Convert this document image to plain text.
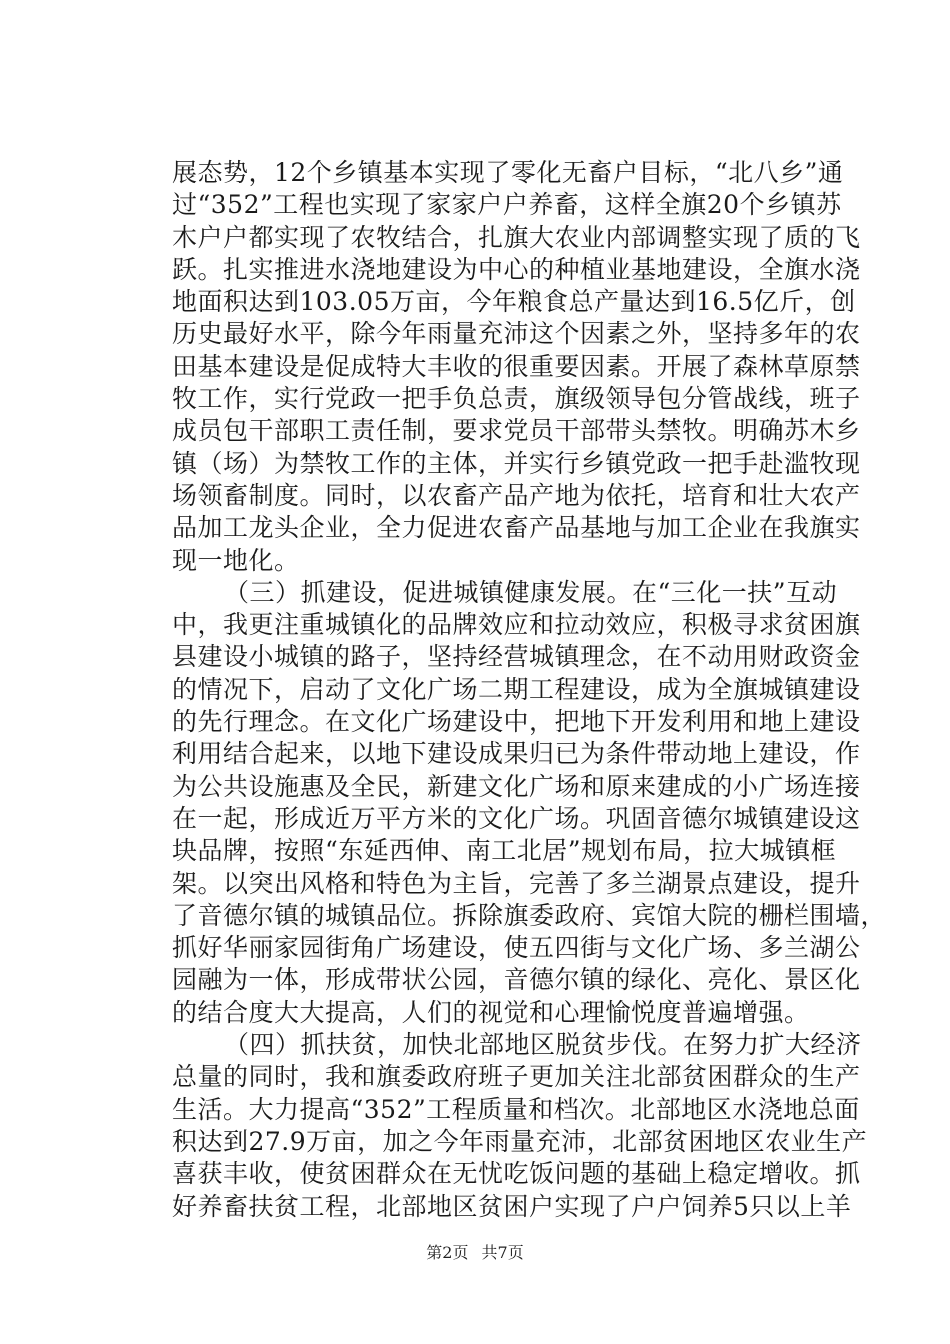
展态势，12个乡镇基本实现了零化无畜户目标，“北八乡”通
过“352”工程也实现了家家户户养畜，这样全旗20个乡镇苏
木户户都实现了农牧结合，扎旗大农业内部调整实现了质的飞
跃。扎实推进水浇地建设为中心的种植业基地建设，全旗水浇
地面积达到103.05万亩，今年粮食总产量达到16.5亿斤，创
历史最好水平，除今年雨量充沛这个因素之外，坚持多年的农
田基本建设是促成特大丰收的很重要因素。开展了森林草原禁
牧工作，实行党政一把手负总责，旗级领导包分管战线，班子
成员包干部职工责任制，要求党员干部带头禁牧。明确苏木乡
镇（场）为禁牧工作的主体，并实行乡镇党政一把手赴滥牧现
场领畜制度。同时，以农畜产品产地为依托，培育和壮大农产
品加工龙头企业，全力促进农畜产品基地与加工企业在我旗实
现一地化。
（三）抓建设，促进城镇健康发展。在“三化一扶”互动
中，我更注重城镇化的品牌效应和拉动效应，积极寻求贫困旗
县建设小城镇的路子，坚持经营城镇理念，在不动用财政资金
的情况下，启动了文化广场二期工程建设，成为全旗城镇建设
的先行理念。在文化广场建设中，把地下开发利用和地上建设
利用结合起来，以地下建设成果归已为条件带动地上建设，作
为公共设施惠及全民，新建文化广场和原来建成的小广场连接
在一起，形成近万平方米的文化广场。巩固音德尔城镇建设这
块品牌，按照“东延西伸、南工北居”规划布局，拉大城镇框
架。以突出风格和特色为主旨，完善了多兰湖景点建设，提升
了音德尔镇的城镇品位。拆除旗委政府、宾馆大院的栅栏围墙，
抓好华丽家园街角广场建设，使五四街与文化广场、多兰湖公
园融为一体，形成带状公园，音德尔镇的绿化、亮化、景区化
的结合度大大提高，人们的视觉和心理愉悦度普遍增强。
（四）抓扶贫，加快北部地区脱贫步伐。在努力扩大经济
总量的同时，我和旗委政府班子更加关注北部贫困群众的生产
生活。大力提高“352”工程质量和档次。北部地区水浇地总面
积达到27.9万亩，加之今年雨量充沛，北部贫困地区农业生产
喜获丰收，使贫困群众在无忧吃饭问题的基础上稳定增收。抓
好养畜扶贫工程，北部地区贫困户实现了户户饲养5只以上羊
第2页 共7页
